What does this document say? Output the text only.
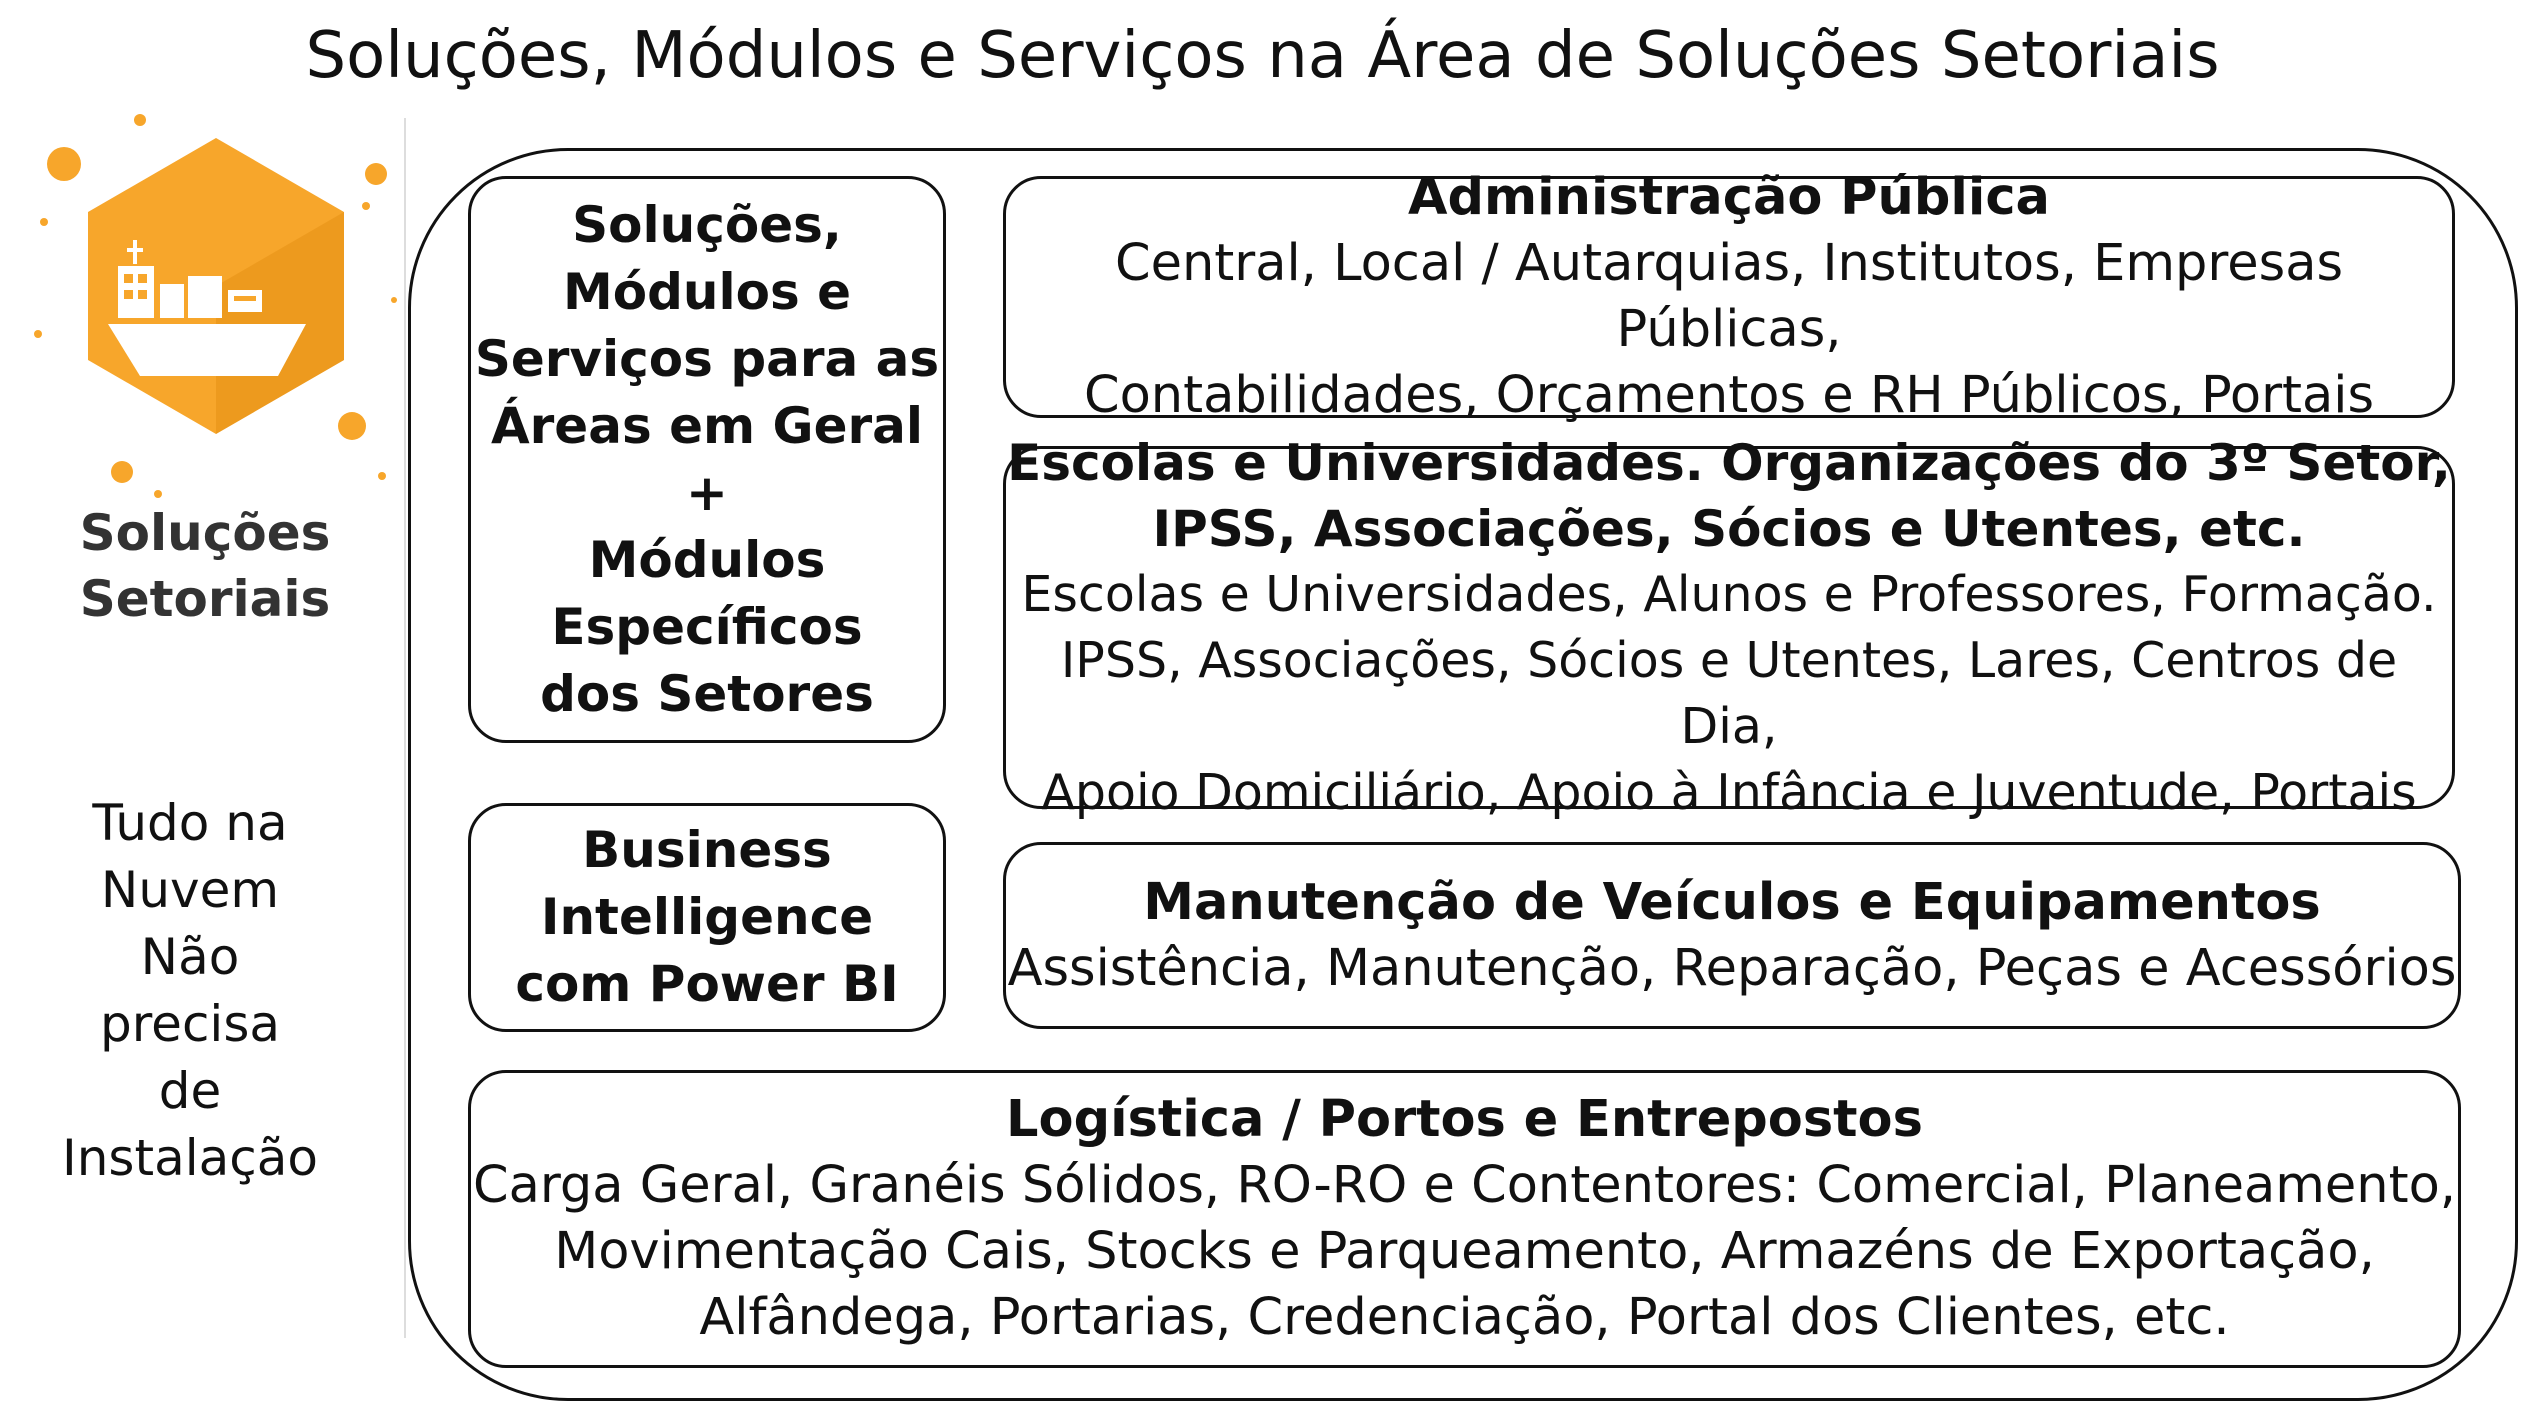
Soluções, Módulos e Serviços na Área de Soluções Setoriais
Soluções
Setoriais
Tudo na
Nuvem
Não
precisa
de
Instalação
Soluções,
Módulos e
Serviços para as
Áreas em Geral
+
Módulos
Específicos
dos Setores
Business
Intelligence
com Power BI
Administração Pública
Central, Local / Autarquias, Institutos, Empresas Públicas,
Contabilidades, Orçamentos e RH Públicos, Portais
Escolas e Universidades. Organizações do 3º Setor,
IPSS, Associações, Sócios e Utentes, etc.
Escolas e Universidades, Alunos e Professores, Formação.
IPSS, Associações, Sócios e Utentes, Lares, Centros de Dia,
Apoio Domiciliário, Apoio à Infância e Juventude, Portais
Manutenção de Veículos e Equipamentos
Assistência, Manutenção, Reparação, Peças e Acessórios
Logística / Portos e Entrepostos
Carga Geral, Granéis Sólidos, RO-RO e Contentores: Comercial, Planeamento,
Movimentação Cais, Stocks e Parqueamento, Armazéns de Exportação,
Alfândega, Portarias, Credenciação, Portal dos Clientes, etc.
